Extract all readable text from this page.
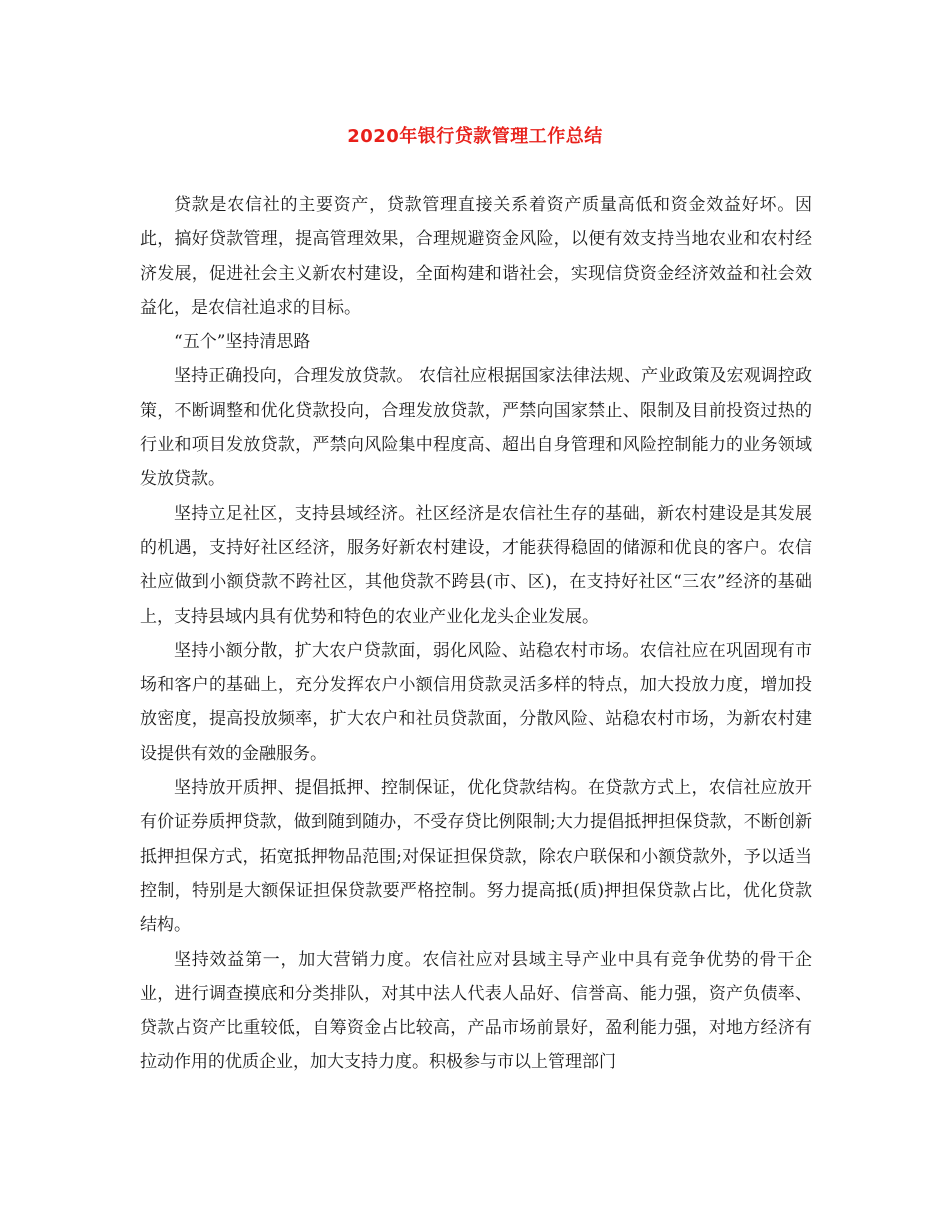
2020年银行贷款管理工作总结

贷款是农信社的主要资产，贷款管理直接关系着资产质量高低和资金效益好坏。因此，搞好贷款管理，提高管理效果，合理规避资金风险，以便有效支持当地农业和农村经济发展，促进社会主义新农村建设，全面构建和谐社会，实现信贷资金经济效益和社会效益化，是农信社追求的目标。

“五个”坚持清思路

坚持正确投向，合理发放贷款。 农信社应根据国家法律法规、产业政策及宏观调控政策，不断调整和优化贷款投向，合理发放贷款，严禁向国家禁止、限制及目前投资过热的行业和项目发放贷款，严禁向风险集中程度高、超出自身管理和风险控制能力的业务领域发放贷款。

坚持立足社区，支持县域经济。社区经济是农信社生存的基础，新农村建设是其发展的机遇，支持好社区经济，服务好新农村建设，才能获得稳固的储源和优良的客户。农信社应做到小额贷款不跨社区，其他贷款不跨县(市、区)，在支持好社区“三农”经济的基础上，支持县域内具有优势和特色的农业产业化龙头企业发展。

坚持小额分散，扩大农户贷款面，弱化风险、站稳农村市场。农信社应在巩固现有市场和客户的基础上，充分发挥农户小额信用贷款灵活多样的特点，加大投放力度，增加投放密度，提高投放频率，扩大农户和社员贷款面，分散风险、站稳农村市场，为新农村建设提供有效的金融服务。

坚持放开质押、提倡抵押、控制保证，优化贷款结构。在贷款方式上，农信社应放开有价证券质押贷款，做到随到随办，不受存贷比例限制;大力提倡抵押担保贷款，不断创新抵押担保方式，拓宽抵押物品范围;对保证担保贷款，除农户联保和小额贷款外，予以适当控制，特别是大额保证担保贷款要严格控制。努力提高抵(质)押担保贷款占比，优化贷款结构。

坚持效益第一，加大营销力度。农信社应对县域主导产业中具有竞争优势的骨干企业，进行调查摸底和分类排队，对其中法人代表人品好、信誉高、能力强，资产负债率、贷款占资产比重较低，自筹资金占比较高，产品市场前景好，盈利能力强，对地方经济有拉动作用的优质企业，加大支持力度。积极参与市以上管理部门
